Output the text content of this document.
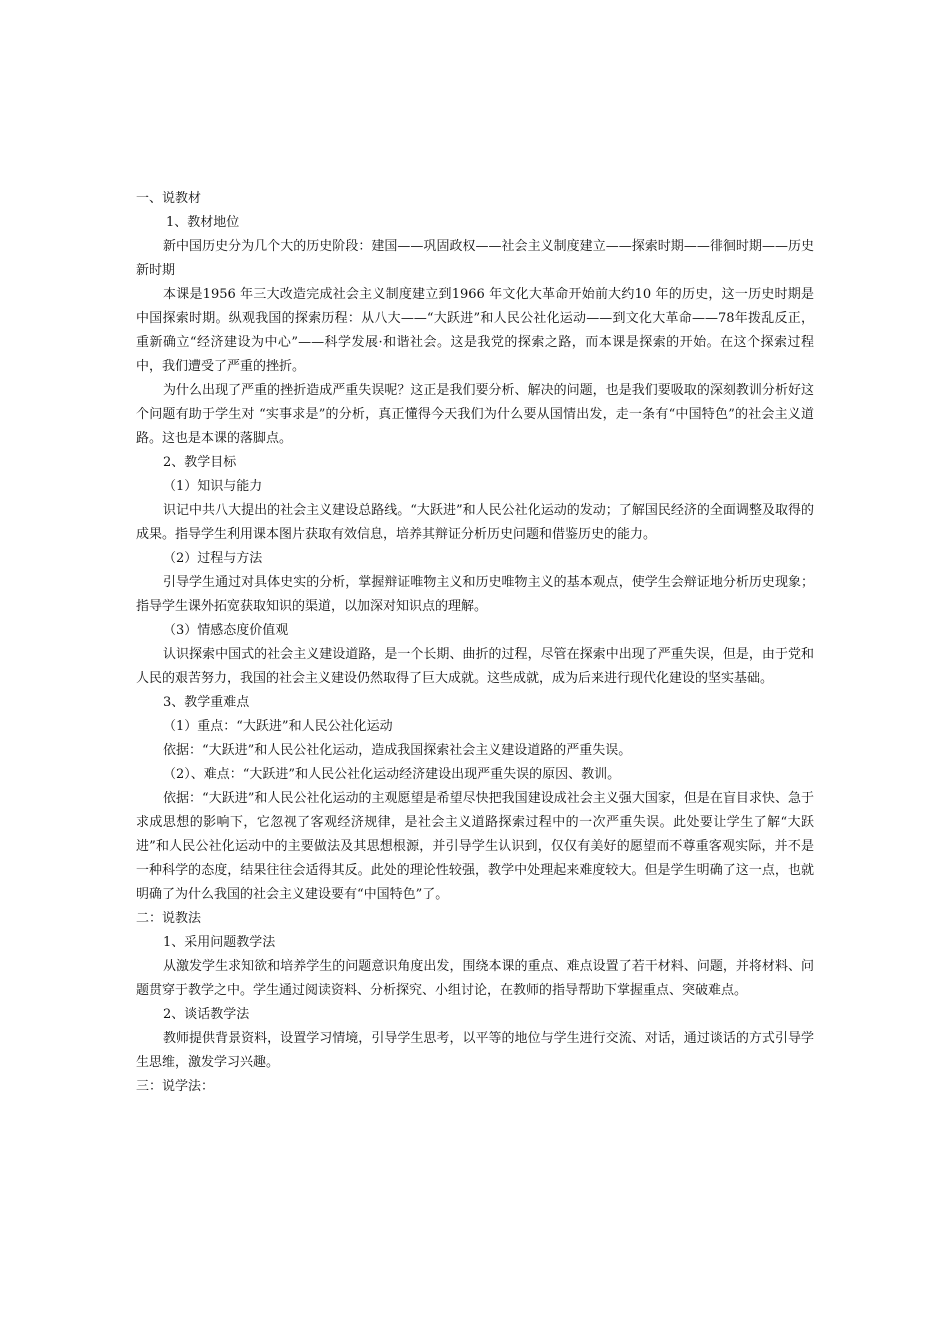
一、说教材

1、教材地位

新中国历史分为几个大的历史阶段：建国——巩固政权——社会主义制度建立——探索时期——徘徊时期——历史新时期

本课是1956 年三大改造完成社会主义制度建立到1966 年文化大革命开始前大约10 年的历史，这一历史时期是中国探索时期。纵观我国的探索历程：从八大——“大跃进”和人民公社化运动——到文化大革命——78年拨乱反正，重新确立“经济建设为中心”——科学发展·和谐社会。这是我党的探索之路，而本课是探索的开始。在这个探索过程中，我们遭受了严重的挫折。

为什么出现了严重的挫折造成严重失误呢？这正是我们要分析、解决的问题，也是我们要吸取的深刻教训分析好这个问题有助于学生对 “实事求是”的分析，真正懂得今天我们为什么要从国情出发，走一条有“中国特色”的社会主义道路。这也是本课的落脚点。

2、教学目标

（1）知识与能力

识记中共八大提出的社会主义建设总路线。“大跃进”和人民公社化运动的发动；了解国民经济的全面调整及取得的成果。指导学生利用课本图片获取有效信息，培养其辩证分析历史问题和借鉴历史的能力。

（2）过程与方法

引导学生通过对具体史实的分析，掌握辩证唯物主义和历史唯物主义的基本观点，使学生会辩证地分析历史现象；指导学生课外拓宽获取知识的渠道，以加深对知识点的理解。

（3）情感态度价值观

认识探索中国式的社会主义建设道路，是一个长期、曲折的过程，尽管在探索中出现了严重失误，但是，由于党和人民的艰苦努力，我国的社会主义建设仍然取得了巨大成就。这些成就，成为后来进行现代化建设的坚实基础。

3、教学重难点

（1）重点：“大跃进”和人民公社化运动

依据：“大跃进”和人民公社化运动，造成我国探索社会主义建设道路的严重失误。

（2）、难点：“大跃进”和人民公社化运动经济建设出现严重失误的原因、教训。

依据：“大跃进”和人民公社化运动的主观愿望是希望尽快把我国建设成社会主义强大国家，但是在盲目求快、急于求成思想的影响下，它忽视了客观经济规律，是社会主义道路探索过程中的一次严重失误。此处要让学生了解“大跃进”和人民公社化运动中的主要做法及其思想根源，并引导学生认识到，仅仅有美好的愿望而不尊重客观实际，并不是一种科学的态度，结果往往会适得其反。此处的理论性较强，教学中处理起来难度较大。但是学生明确了这一点，也就明确了为什么我国的社会主义建设要有“中国特色”了。

二：说教法

1、采用问题教学法

从激发学生求知欲和培养学生的问题意识角度出发，围绕本课的重点、难点设置了若干材料、问题，并将材料、问题贯穿于教学之中。学生通过阅读资料、分析探究、小组讨论，在教师的指导帮助下掌握重点、突破难点。

2、谈话教学法

教师提供背景资料，设置学习情境，引导学生思考，以平等的地位与学生进行交流、对话，通过谈话的方式引导学生思维，激发学习兴趣。

三：说学法：
